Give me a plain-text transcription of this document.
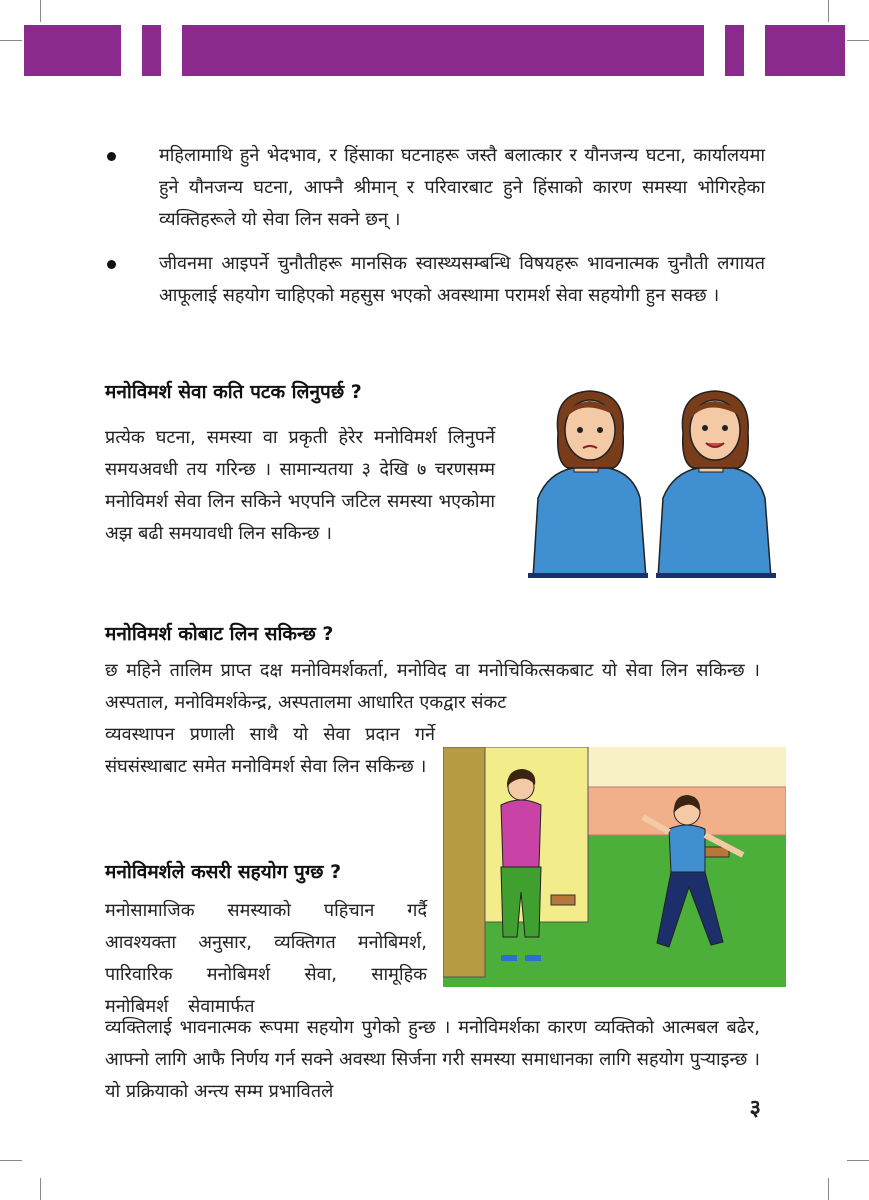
महिलामाथि हुने भेदभाव, र हिंसाका घटनाहरू जस्तै बलात्कार र यौनजन्य घटना, कार्यालयमा हुने यौनजन्य घटना, आफ्नै श्रीमान् र परिवारबाट हुने हिंसाको कारण समस्या भोगिरहेका व्यक्तिहरूले यो सेवा लिन सक्ने छन् ।
जीवनमा आइपर्ने चुनौतीहरू मानसिक स्वास्थ्यसम्बन्धि विषयहरू भावनात्मक चुनौती लगायत आफूलाई सहयोग चाहिएको महसुस भएको अवस्थामा परामर्श सेवा सहयोगी हुन सक्छ ।
मनोविमर्श सेवा कति पटक लिनुपर्छ ?
प्रत्येक घटना, समस्या वा प्रकृती हेरेर मनोविमर्श लिनुपर्ने समयअवधी तय गरिन्छ । सामान्यतया ३ देखि ७ चरणसम्म मनोविमर्श सेवा लिन सकिने भएपनि जटिल समस्या भएकोमा अझ बढी समयावधी लिन सकिन्छ ।
मनोविमर्श कोबाट लिन सकिन्छ ?
छ महिने तालिम प्राप्त दक्ष मनोविमर्शकर्ता, मनोविद वा मनोचिकित्सकबाट यो सेवा लिन सकिन्छ । अस्पताल, मनोविमर्शकेन्द्र, अस्पतालमा आधारित एकद्वार संकट
व्यवस्थापन प्रणाली साथै यो सेवा प्रदान गर्ने संघसंस्थाबाट समेत मनोविमर्श सेवा लिन सकिन्छ ।
मनोविमर्शले कसरी सहयोग पुग्छ ?
मनोसामाजिक समस्याको पहिचान गर्दै आवश्यक्ता अनुसार, व्यक्तिगत मनोबिमर्श, पारिवारिक मनोबिमर्श सेवा, सामूहिक मनोबिमर्श सेवामार्फत
व्यक्तिलाई भावनात्मक रूपमा सहयोग पुगेको हुन्छ । मनोविमर्शका कारण व्यक्तिको आत्मबल बढेर, आफ्नो लागि आफै निर्णय गर्न सक्ने अवस्था सिर्जना गरी समस्या समाधानका लागि सहयोग पुर्‍याइन्छ । यो प्रक्रियाको अन्त्य सम्म प्रभावितले
३
